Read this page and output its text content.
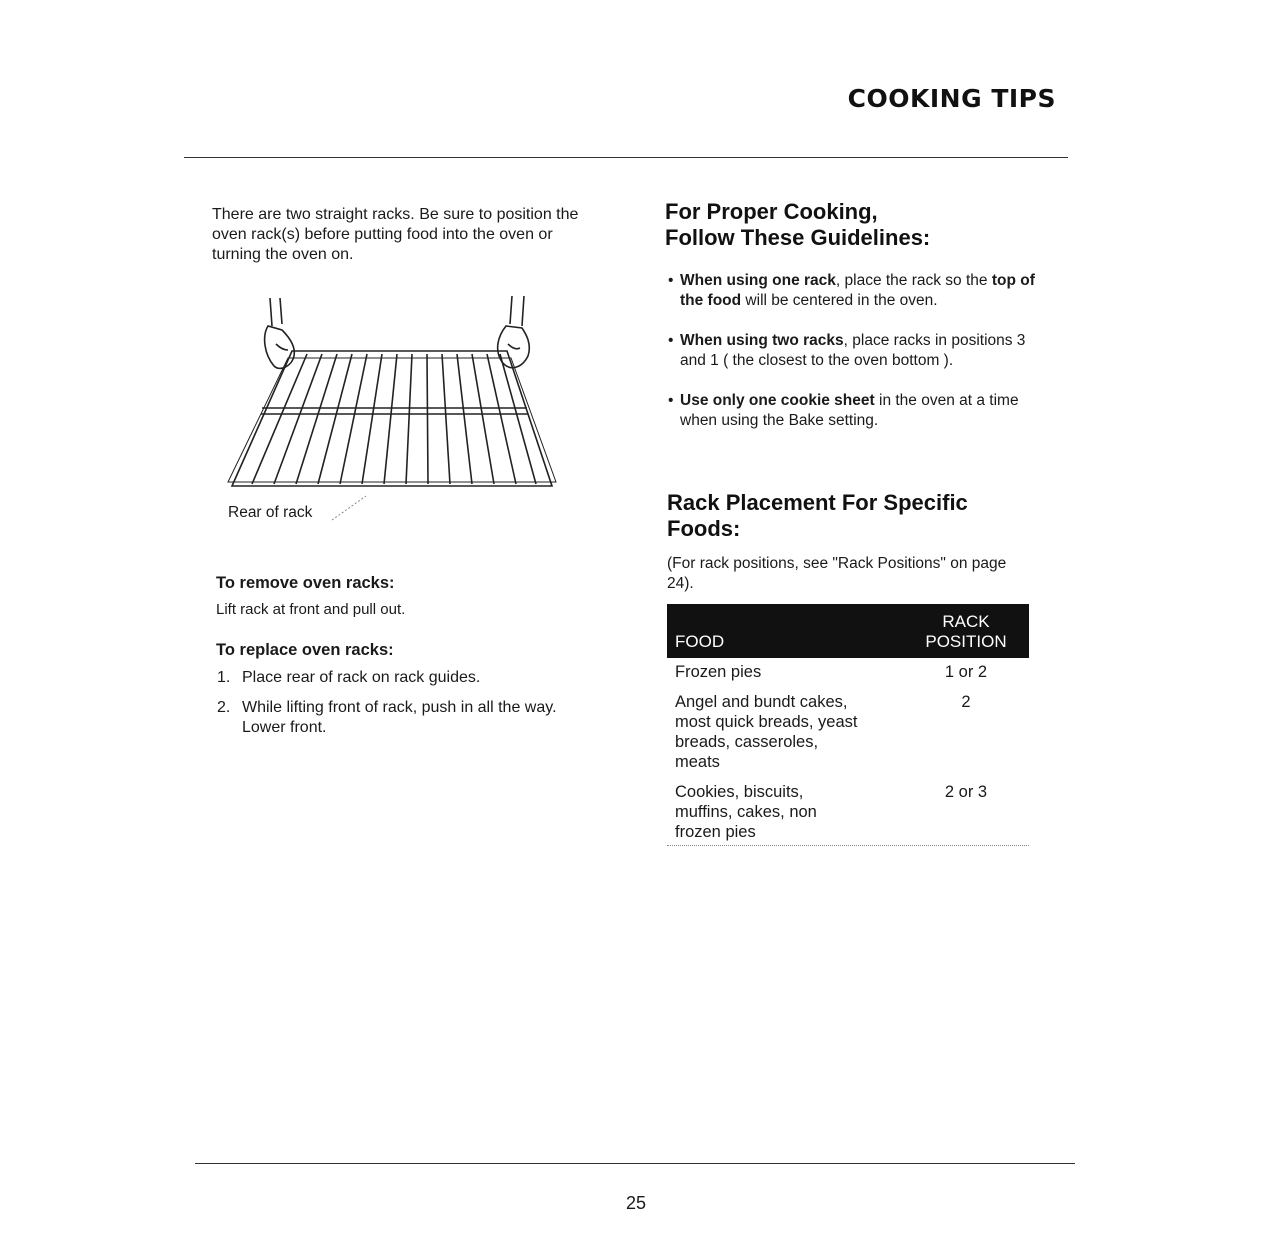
COOKING TIPS
There are two straight racks. Be sure to position the oven rack(s) before putting food into the oven or turning the oven on.
Rear of rack
To remove oven racks:
Lift rack at front and pull out.
To replace oven racks:
1. Place rear of rack on rack guides.
2. While lifting front of rack, push in all the way. Lower front.
For Proper Cooking,
Follow These Guidelines:
• When using one rack, place the rack so the top of the food will be centered in the oven.
• When using two racks, place racks in positions 3 and 1 ( the closest to the oven bottom ).
• Use only one cookie sheet in the oven at a time when using the Bake setting.
Rack Placement For Specific
Foods:
(For rack positions, see "Rack Positions" on page 24).
FOOD	RACK
POSITION

Frozen pies	1 or 2
Angel and bundt cakes, most quick breads, yeast breads, casseroles, meats	2
Cookies, biscuits, muffins, cakes, non frozen pies	2 or 3
25
